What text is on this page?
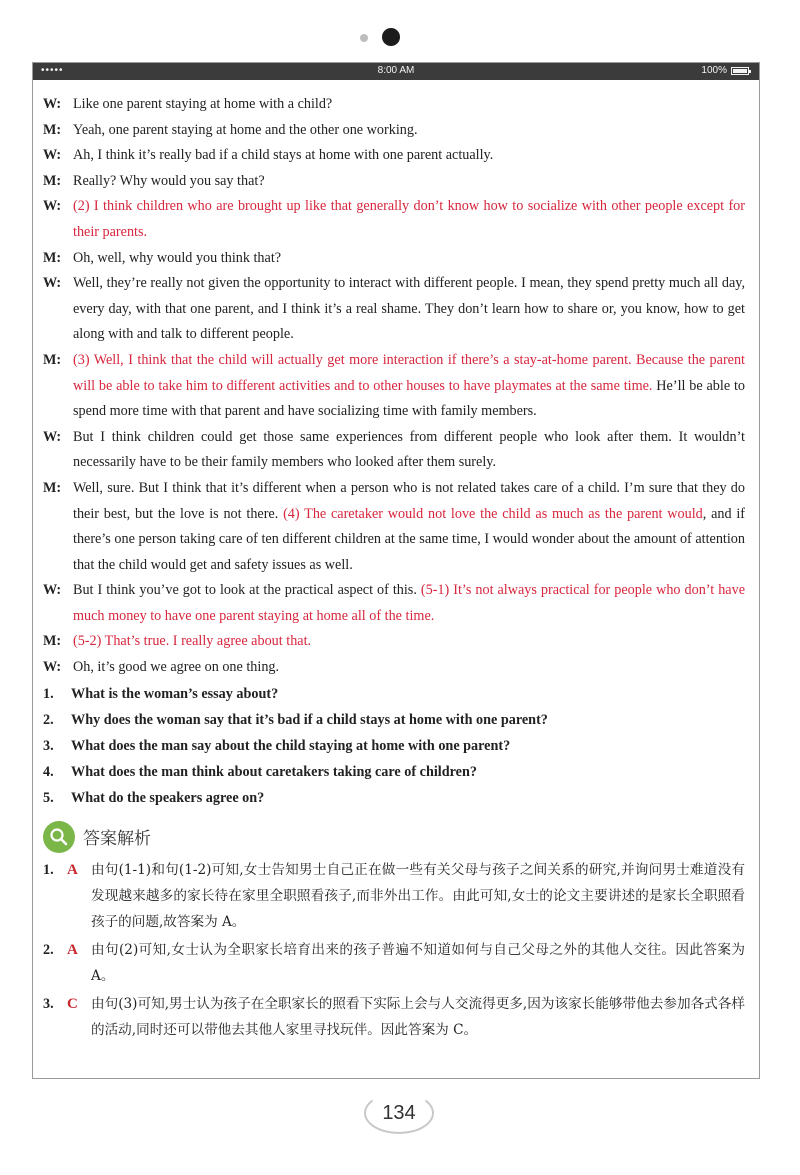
•••••	8:00 AM	100%
W: Like one parent staying at home with a child?
M: Yeah, one parent staying at home and the other one working.
W: Ah, I think it’s really bad if a child stays at home with one parent actually.
M: Really? Why would you say that?
W: (2) I think children who are brought up like that generally don’t know how to socialize with other people except for their parents.
M: Oh, well, why would you think that?
W: Well, they’re really not given the opportunity to interact with different people. I mean, they spend pretty much all day, every day, with that one parent, and I think it’s a real shame. They don’t learn how to share or, you know, how to get along with and talk to different people.
M: (3) Well, I think that the child will actually get more interaction if there’s a stay-at-home parent. Because the parent will be able to take him to different activities and to other houses to have playmates at the same time. He’ll be able to spend more time with that parent and have socializing time with family members.
W: But I think children could get those same experiences from different people who look after them. It wouldn’t necessarily have to be their family members who looked after them surely.
M: Well, sure. But I think that it’s different when a person who is not related takes care of a child. I’m sure that they do their best, but the love is not there. (4) The caretaker would not love the child as much as the parent would, and if there’s one person taking care of ten different children at the same time, I would wonder about the amount of attention that the child would get and safety issues as well.
W: But I think you’ve got to look at the practical aspect of this. (5-1) It’s not always practical for people who don’t have much money to have one parent staying at home all of the time.
M: (5-2) That’s true. I really agree about that.
W: Oh, it’s good we agree on one thing.
1.	What is the woman’s essay about?
2.	Why does the woman say that it’s bad if a child stays at home with one parent?
3.	What does the man say about the child staying at home with one parent?
4.	What does the man think about caretakers taking care of children?
5.	What do the speakers agree on?
答案解析
1. A 由句(1-1)和句(1-2)可知,女士告知男士自己正在做一些有关父母与孩子之间关系的研究,并询问男士难道没有发现越来越多的家长待在家里全职照看孩子,而非外出工作。由此可知,女士的论文主要讲述的是家长全职照看孩子的问题,故答案为 A。
2. A 由句(2)可知,女士认为全职家长培育出来的孩子普遍不知道如何与自己父母之外的其他人交往。因此答案为 A。
3. C 由句(3)可知,男士认为孩子在全职家长的照看下实际上会与人交流得更多,因为该家长能够带他去参加各式各样的活动,同时还可以带他去其他人家里寻找玩伴。因此答案为 C。
134
